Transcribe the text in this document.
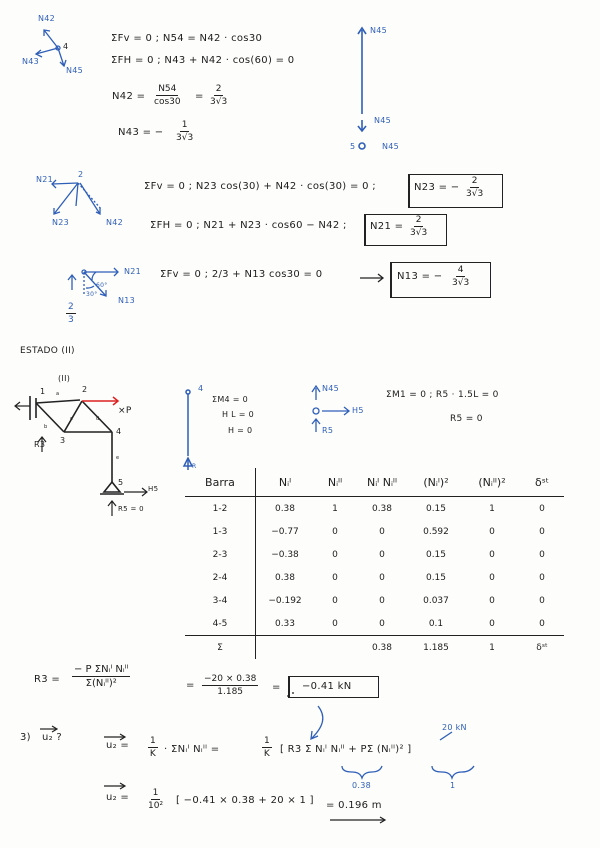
N42
N43
N45
4
ΣFv = 0 ; N54 = N42 · cos30
ΣFH = 0 ; N43 + N42 · cos(60) = 0
$N42 = \frac{N54}{\cos 30} = \frac{2}{3√3}$
N43 = − $\frac{1}{3√3}$
N45
N45
5	N45
N21
2
N23	N42
ΣFv = 0 ; N23 cos(30) + N42 · cos(30) = 0 ;	N23 = − $\frac{2}{3√3}$
ΣFH = 0 ; N21 + N23 · cos60 − N42 ; $N21 = \frac{2}{3√3}$
N21
60°
30°
N13
$\frac{2}{3}$
ΣFv = 0 ; 2/3 + N13 cos30 = 0	N13 = − $\frac{4}{3√3}$
ESTADO (II)
(II)
1	2
3
4
5
a
b
c	d
e
×P
R3
H5
R5 = 0
4
ΣM4 = 0
H L = 0
H = 0
R
N45
H5
R5
ΣM1 = 0 ; R5 · 1.5L = 0
R5 = 0
Barra	Nᵢᴵ	Nᵢᴵᴵ	Nᵢᴵ Nᵢᴵᴵ	(Nᵢᴵ)²	(Nᵢᴵᴵ)²	δˢᵗ
1-2	0.38	1	0.38	0.15	1	0
1-3	−0.77	0	0	0.592	0	0
2-3	−0.38	0	0	0.15	0	0
2-4	0.38	0	0	0.15	0	0
3-4	−0.192	0	0	0.037	0	0
4-5	0.33	0	0	0.1	0	0
Σ			0.38	1.185	1	δˢᵗ
R3 =
− P ΣNᵢᴵ Nᵢᴵᴵ
Σ(Nᵢᴵᴵ)²	= $\frac{-20 \times 0.38}{1.185} = -0.41$ kN
3) u₂ ?
$u_2 = \frac{1}{K}$ · ΣNᵢᴵ Nᵢᴵᴵ =	$\frac{1}{K}$ [ R3 Σ Nᵢᴵ Nᵢᴵᴵ + PΣ (Nᵢᴵᴵ)² ]
20 kN
0.38	1
$u_2 = \frac{1}{\text{10²}}$ [ −0.41 × 0.38 + 20 × 1 ] = 0.196 m
